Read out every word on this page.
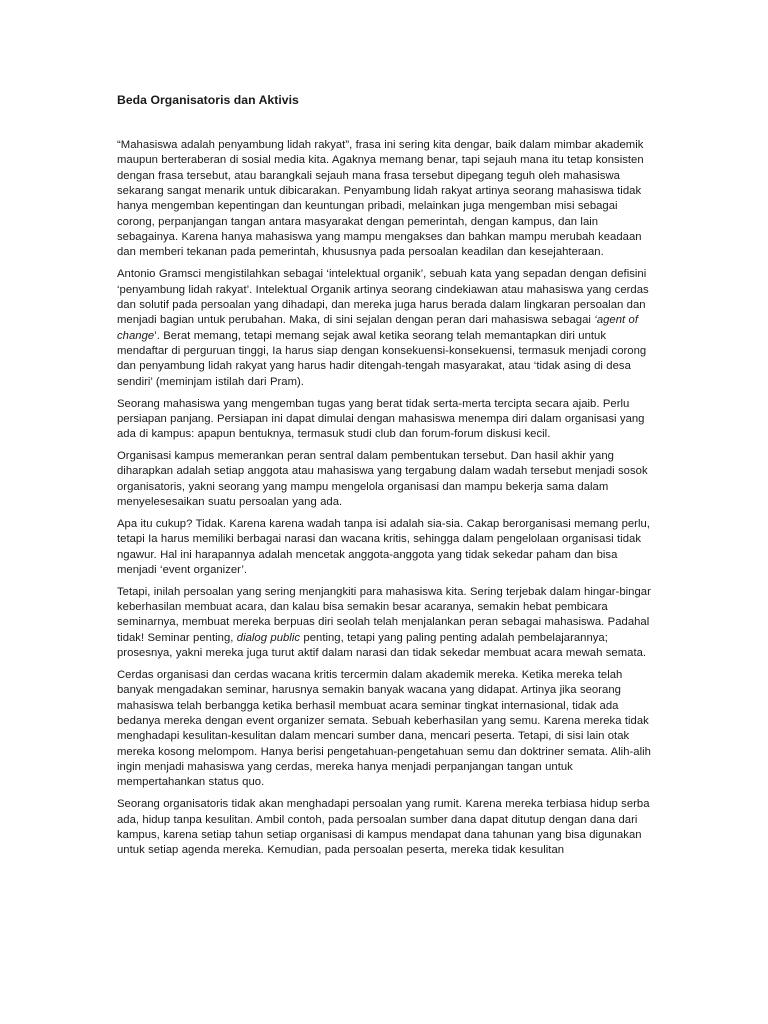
Beda Organisatoris dan Aktivis

“Mahasiswa adalah penyambung lidah rakyat”, frasa ini sering kita dengar, baik dalam mimbar akademik maupun berteraberan di sosial media kita. Agaknya memang benar, tapi sejauh mana itu tetap konsisten dengan frasa tersebut, atau barangkali sejauh mana frasa tersebut dipegang teguh oleh mahasiswa sekarang sangat menarik untuk dibicarakan. Penyambung lidah rakyat artinya seorang mahasiswa tidak hanya mengemban kepentingan dan keuntungan pribadi, melainkan juga mengemban misi sebagai corong, perpanjangan tangan antara masyarakat dengan pemerintah, dengan kampus, dan lain sebagainya. Karena hanya mahasiswa yang mampu mengakses dan bahkan mampu merubah keadaan dan memberi tekanan pada pemerintah, khususnya pada persoalan keadilan dan kesejahteraan.

Antonio Gramsci mengistilahkan sebagai ‘intelektual organik’, sebuah kata yang sepadan dengan defisini ‘penyambung lidah rakyat’. Intelektual Organik artinya seorang cindekiawan atau mahasiswa yang cerdas dan solutif pada persoalan yang dihadapi, dan mereka juga harus berada dalam lingkaran persoalan dan menjadi bagian untuk perubahan. Maka, di sini sejalan dengan peran dari mahasiswa sebagai ‘agent of change’. Berat memang, tetapi memang sejak awal ketika seorang telah memantapkan diri untuk mendaftar di perguruan tinggi, Ia harus siap dengan konsekuensi-konsekuensi, termasuk menjadi corong dan penyambung lidah rakyat yang harus hadir ditengah-tengah masyarakat, atau ‘tidak asing di desa sendiri’ (meminjam istilah dari Pram).

Seorang mahasiswa yang mengemban tugas yang berat tidak serta-merta tercipta secara ajaib. Perlu persiapan panjang. Persiapan ini dapat dimulai dengan mahasiswa menempa diri dalam organisasi yang ada di kampus: apapun bentuknya, termasuk studi club dan forum-forum diskusi kecil.

Organisasi kampus memerankan peran sentral dalam pembentukan tersebut. Dan hasil akhir yang diharapkan adalah setiap anggota atau mahasiswa yang tergabung dalam wadah tersebut menjadi sosok organisatoris, yakni seorang yang mampu mengelola organisasi dan mampu bekerja sama dalam menyelesesaikan suatu persoalan yang ada.

Apa itu cukup? Tidak. Karena karena wadah tanpa isi adalah sia-sia. Cakap berorganisasi memang perlu, tetapi Ia harus memiliki berbagai narasi dan wacana kritis, sehingga dalam pengelolaan organisasi tidak ngawur. Hal ini harapannya adalah mencetak anggota-anggota yang tidak sekedar paham dan bisa menjadi ‘event organizer’.

Tetapi, inilah persoalan yang sering menjangkiti para mahasiswa kita. Sering terjebak dalam hingar-bingar keberhasilan membuat acara, dan kalau bisa semakin besar acaranya, semakin hebat pembicara seminarnya, membuat mereka berpuas diri seolah telah menjalankan peran sebagai mahasiswa. Padahal tidak! Seminar penting, dialog public penting, tetapi yang paling penting adalah pembelajarannya; prosesnya, yakni mereka juga turut aktif dalam narasi dan tidak sekedar membuat acara mewah semata.

Cerdas organisasi dan cerdas wacana kritis tercermin dalam akademik mereka. Ketika mereka telah banyak mengadakan seminar, harusnya semakin banyak wacana yang didapat. Artinya jika seorang mahasiswa telah berbangga ketika berhasil membuat acara seminar tingkat internasional, tidak ada bedanya mereka dengan event organizer semata. Sebuah keberhasilan yang semu. Karena mereka tidak menghadapi kesulitan-kesulitan dalam mencari sumber dana, mencari peserta. Tetapi, di sisi lain otak mereka kosong melompom. Hanya berisi pengetahuan-pengetahuan semu dan doktriner semata. Alih-alih ingin menjadi mahasiswa yang cerdas, mereka hanya menjadi perpanjangan tangan untuk mempertahankan status quo.

Seorang organisatoris tidak akan menghadapi persoalan yang rumit. Karena mereka terbiasa hidup serba ada, hidup tanpa kesulitan. Ambil contoh, pada persoalan sumber dana dapat ditutup dengan dana dari kampus, karena setiap tahun setiap organisasi di kampus mendapat dana tahunan yang bisa digunakan untuk setiap agenda mereka. Kemudian, pada persoalan peserta, mereka tidak kesulitan
